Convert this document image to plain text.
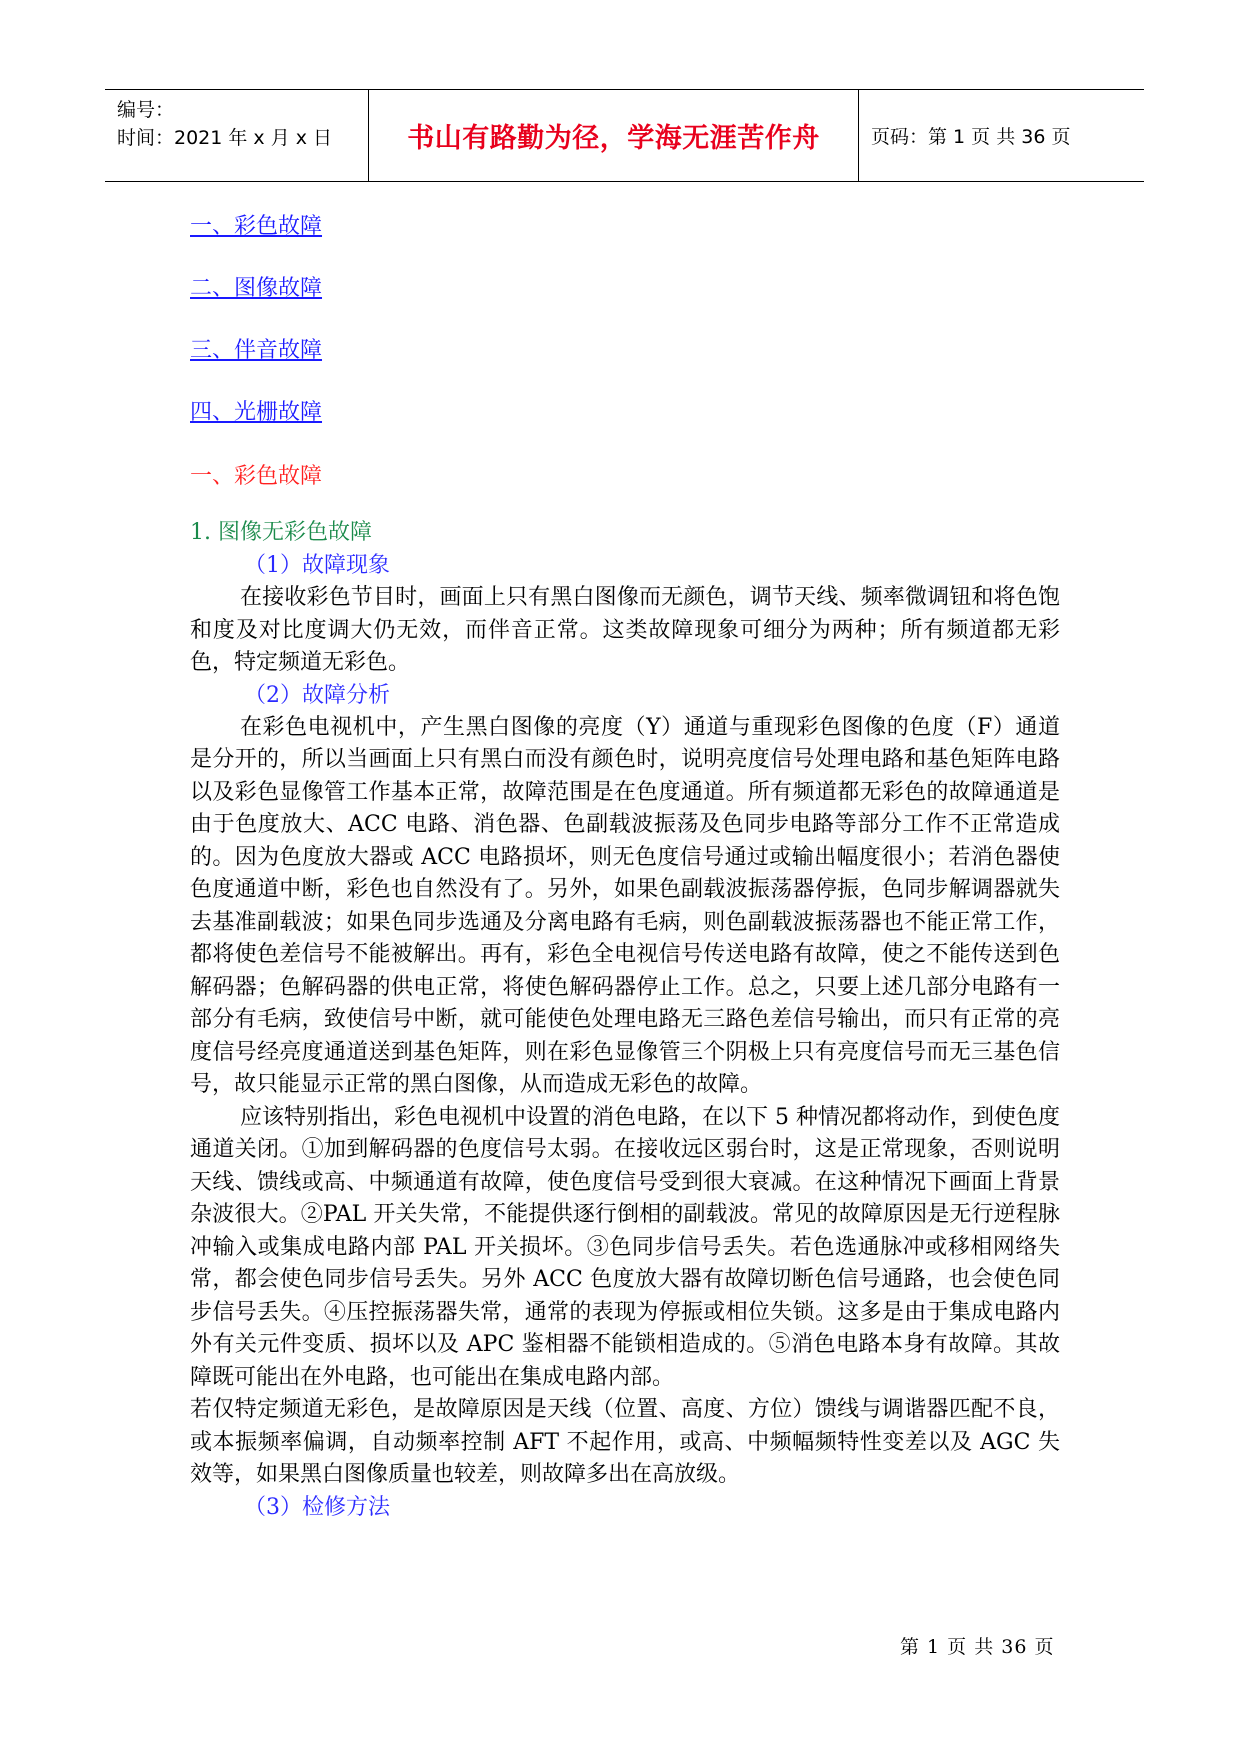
编号：
时间：2021 年 x 月 x 日	书山有路勤为径，学海无涯苦作舟	页码：第 1 页 共 36 页
一、彩色故障
二、图像故障
三、伴音故障
四、光栅故障
一、彩色故障
1. 图像无彩色故障

（1）故障现象

在接收彩色节目时，画面上只有黑白图像而无颜色，调节天线、频率微调钮和将色饱和度及对比度调大仍无效，而伴音正常。这类故障现象可细分为两种；所有频道都无彩色，特定频道无彩色。

（2）故障分析

在彩色电视机中，产生黑白图像的亮度（Y）通道与重现彩色图像的色度（F）通道是分开的，所以当画面上只有黑白而没有颜色时，说明亮度信号处理电路和基色矩阵电路以及彩色显像管工作基本正常，故障范围是在色度通道。所有频道都无彩色的故障通道是由于色度放大、ACC 电路、消色器、色副载波振荡及色同步电路等部分工作不正常造成的。因为色度放大器或 ACC 电路损坏，则无色度信号通过或输出幅度很小；若消色器使色度通道中断，彩色也自然没有了。另外，如果色副载波振荡器停振，色同步解调器就失去基准副载波；如果色同步选通及分离电路有毛病，则色副载波振荡器也不能正常工作，都将使色差信号不能被解出。再有，彩色全电视信号传送电路有故障，使之不能传送到色解码器；色解码器的供电正常，将使色解码器停止工作。总之，只要上述几部分电路有一部分有毛病，致使信号中断，就可能使色处理电路无三路色差信号输出，而只有正常的亮度信号经亮度通道送到基色矩阵，则在彩色显像管三个阴极上只有亮度信号而无三基色信号，故只能显示正常的黑白图像，从而造成无彩色的故障。

应该特别指出，彩色电视机中设置的消色电路，在以下 5 种情况都将动作，到使色度通道关闭。①加到解码器的色度信号太弱。在接收远区弱台时，这是正常现象，否则说明天线、馈线或高、中频通道有故障，使色度信号受到很大衰减。在这种情况下画面上背景杂波很大。②PAL 开关失常，不能提供逐行倒相的副载波。常见的故障原因是无行逆程脉冲输入或集成电路内部 PAL 开关损坏。③色同步信号丢失。若色选通脉冲或移相网络失常，都会使色同步信号丢失。另外 ACC 色度放大器有故障切断色信号通路，也会使色同步信号丢失。④压控振荡器失常，通常的表现为停振或相位失锁。这多是由于集成电路内外有关元件变质、损坏以及 APC 鉴相器不能锁相造成的。⑤消色电路本身有故障。其故障既可能出在外电路，也可能出在集成电路内部。

若仅特定频道无彩色，是故障原因是天线（位置、高度、方位）馈线与调谐器匹配不良，或本振频率偏调，自动频率控制 AFT 不起作用，或高、中频幅频特性变差以及 AGC 失效等，如果黑白图像质量也较差，则故障多出在高放级。

（3）检修方法

第 1 页 共 36 页
